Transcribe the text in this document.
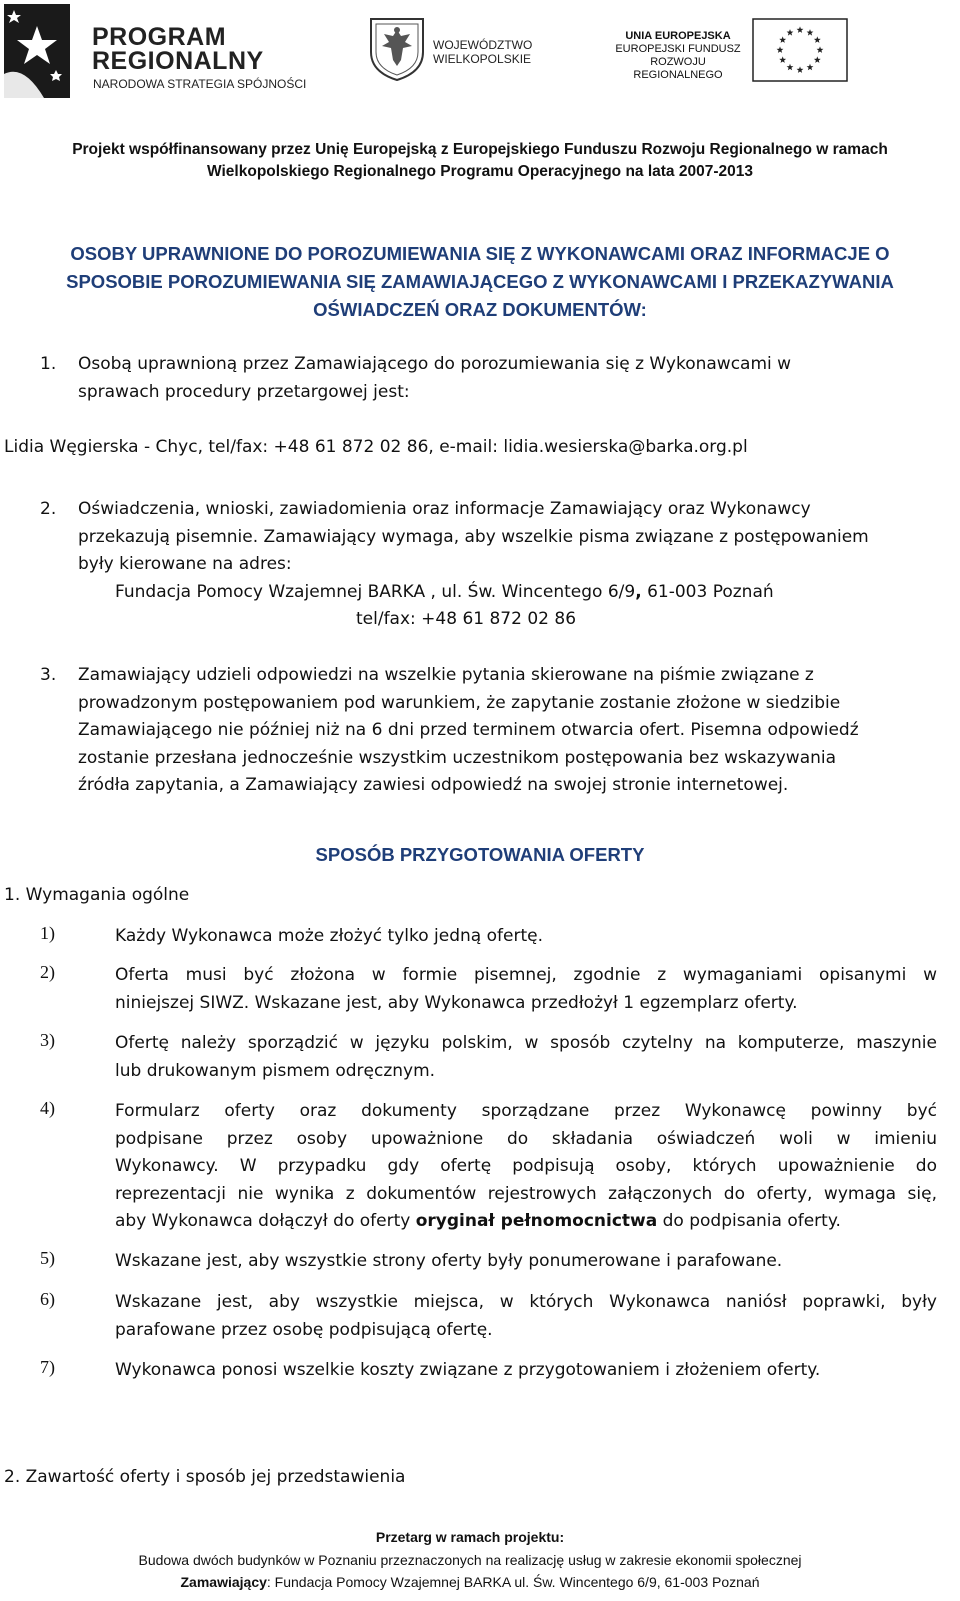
PROGRAM
REGIONALNY
NARODOWA STRATEGIA SPÓJNOŚCI
WOJEWÓDZTWO
WIELKOPOLSKIE
UNIA EUROPEJSKA
EUROPEJSKI FUNDUSZ
ROZWOJU REGIONALNEGO
Projekt współfinansowany przez Unię Europejską z Europejskiego Funduszu Rozwoju Regionalnego w ramach
Wielkopolskiego Regionalnego Programu Operacyjnego na lata 2007-2013
OSOBY UPRAWNIONE DO POROZUMIEWANIA SIĘ Z WYKONAWCAMI ORAZ INFORMACJE O
SPOSOBIE POROZUMIEWANIA SIĘ ZAMAWIAJĄCEGO Z WYKONAWCAMI I PRZEKAZYWANIA
OŚWIADCZEŃ ORAZ DOKUMENTÓW:
1. Osobą uprawnioną przez Zamawiającego do porozumiewania się z Wykonawcami w
sprawach procedury przetargowej jest:
Lidia Węgierska - Chyc, tel/fax: +48 61 872 02 86, e-mail: lidia.wesierska@barka.org.pl
2. Oświadczenia, wnioski, zawiadomienia oraz informacje Zamawiający oraz Wykonawcy
przekazują pisemnie. Zamawiający wymaga, aby wszelkie pisma związane z postępowaniem
były kierowane na adres:
Fundacja Pomocy Wzajemnej BARKA , ul. Św. Wincentego 6/9, 61-003 Poznań
tel/fax: +48 61 872 02 86
3. Zamawiający udzieli odpowiedzi na wszelkie pytania skierowane na piśmie związane z
prowadzonym postępowaniem pod warunkiem, że zapytanie zostanie złożone w siedzibie
Zamawiającego nie później niż na 6 dni przed terminem otwarcia ofert. Pisemna odpowiedź
zostanie przesłana jednocześnie wszystkim uczestnikom postępowania bez wskazywania
źródła zapytania, a Zamawiający zawiesi odpowiedź na swojej stronie internetowej.
SPOSÓB PRZYGOTOWANIA OFERTY
1. Wymagania ogólne
1)	Każdy Wykonawca może złożyć tylko jedną ofertę.
2)	Oferta musi być złożona w formie pisemnej, zgodnie z wymaganiami opisanymi w
niniejszej SIWZ. Wskazane jest, aby Wykonawca przedłożył 1 egzemplarz oferty.
3)	Ofertę należy sporządzić w języku polskim, w sposób czytelny na komputerze, maszynie
lub drukowanym pismem odręcznym.
4)	Formularz oferty oraz dokumenty sporządzane przez Wykonawcę powinny być
podpisane przez osoby upoważnione do składania oświadczeń woli w imieniu
Wykonawcy. W przypadku gdy ofertę podpisują osoby, których upoważnienie do
reprezentacji nie wynika z dokumentów rejestrowych załączonych do oferty, wymaga się,
aby Wykonawca dołączył do oferty oryginał pełnomocnictwa do podpisania oferty.
5)	Wskazane jest, aby wszystkie strony oferty były ponumerowane i parafowane.
6)	Wskazane jest, aby wszystkie miejsca, w których Wykonawca naniósł poprawki, były
parafowane przez osobę podpisującą ofertę.
7)	Wykonawca ponosi wszelkie koszty związane z przygotowaniem i złożeniem oferty.
2. Zawartość oferty i sposób jej przedstawienia
Przetarg w ramach projektu:
Budowa dwóch budynków w Poznaniu przeznaczonych na realizację usług w zakresie ekonomii społecznej
Zamawiający: Fundacja Pomocy Wzajemnej BARKA ul. Św. Wincentego 6/9, 61-003 Poznań
